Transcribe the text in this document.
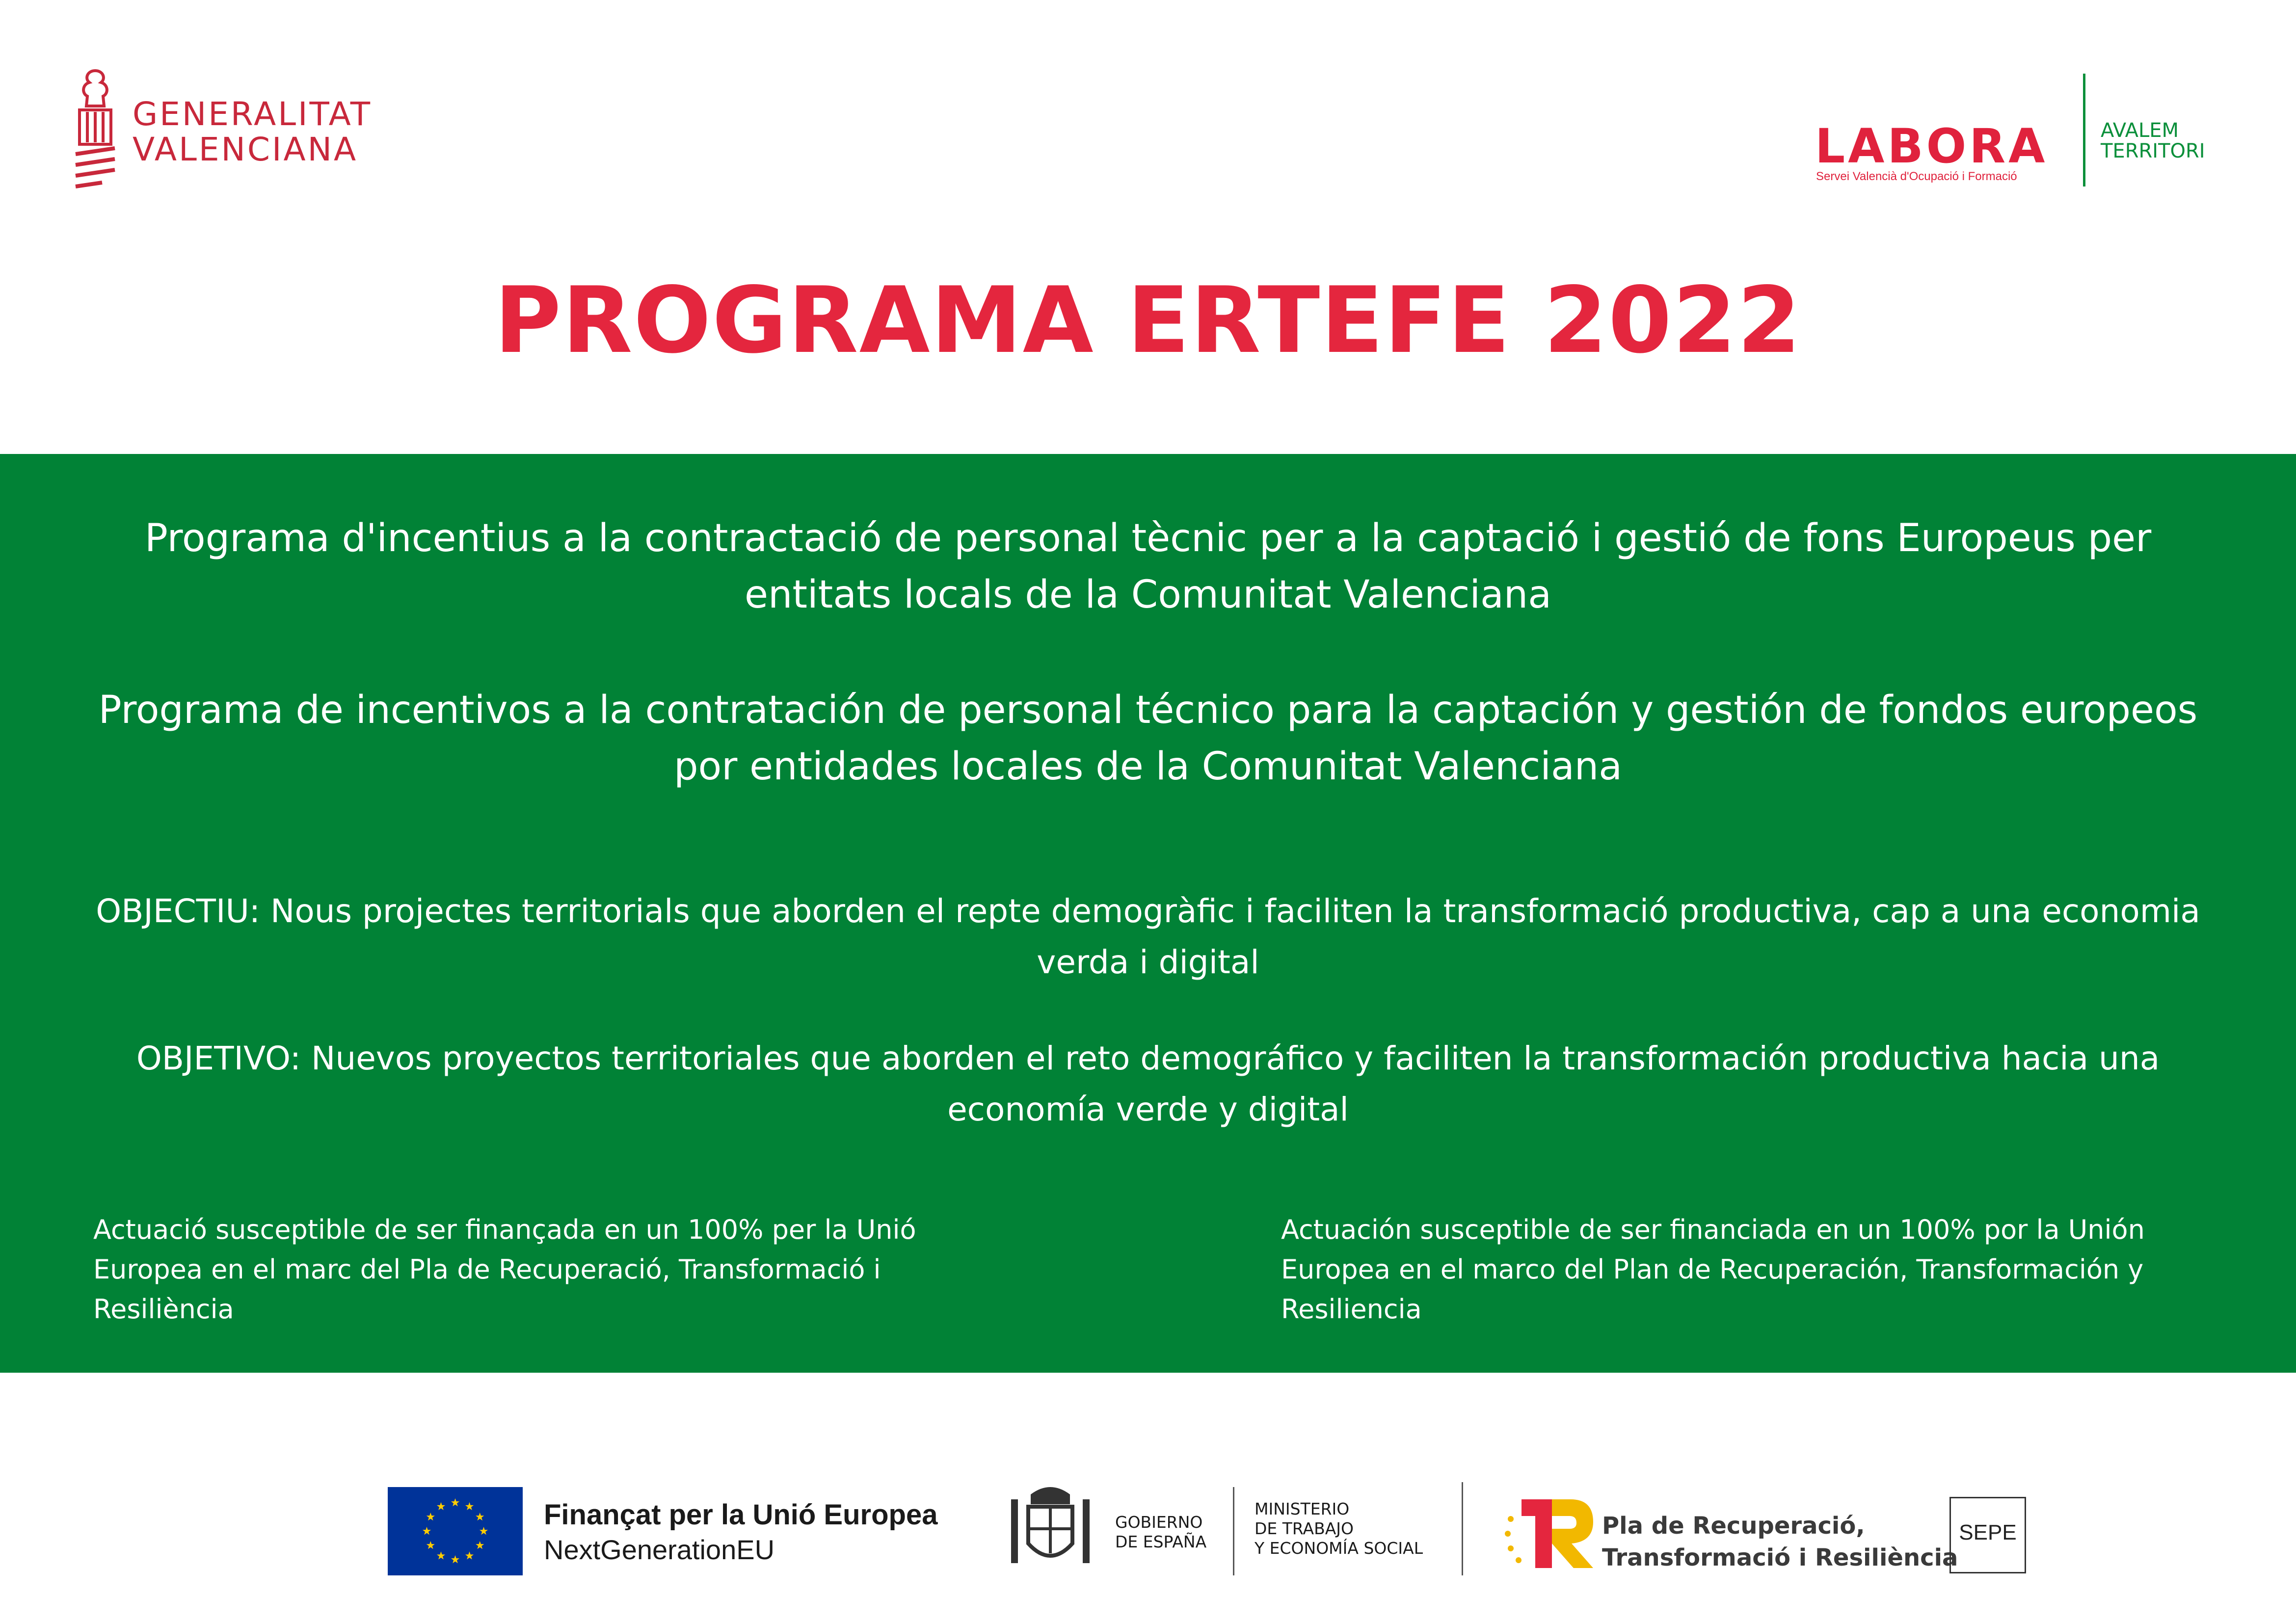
GENERALITAT
VALENCIANA	LABORA
Servei Valencià d'Ocupació i Formació
AVALEM
TERRITORI
PROGRAMA ERTEFE 2022
Programa d'incentius a la contractació de personal tècnic per a la captació i gestió de fons Europeus per entitats locals de la Comunitat Valenciana
Programa de incentivos a la contratación de personal técnico para la captación y gestión de fondos europeos por entidades locales de la Comunitat Valenciana
OBJECTIU: Nous projectes territorials que aborden el repte demogràfic i faciliten la transformació productiva, cap a una economia verda i digital
OBJETIVO: Nuevos proyectos territoriales que aborden el reto demográfico y faciliten la transformación productiva hacia una economía verde y digital
Actuació susceptible de ser finançada en un 100% per la Unió Europea en el marc del Pla de Recuperació, Transformació i Resiliència
Actuación susceptible de ser financiada en un 100% por la Unión Europea en el marco del Plan de Recuperación, Transformación y Resiliencia
Finançat per la Unió Europea
NextGenerationEU
GOBIERNO
DE ESPAÑA
MINISTERIO
DE TRABAJO
Y ECONOMÍA SOCIAL
Pla de Recuperació,
Transformació i Resiliència
SEPE
